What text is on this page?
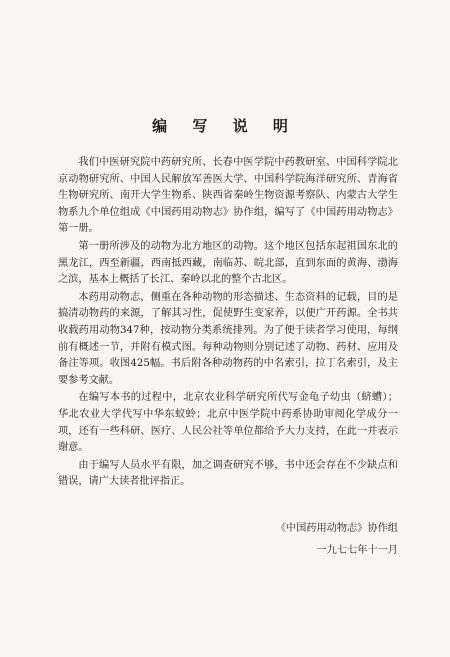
编 写 说 明

我们中医研究院中药研究所、长春中医学院中药教研室、中国科学院北京动物研究所、中国人民解放军善医大学、中国科学院海洋研究所、青海省生物研究所、南开大学生物系、陕西省秦岭生物资源考察队、内蒙古大学生物系九个单位组成《中国药用动物志》协作组，编写了《中国药用动物志》第一册。

第一册所涉及的动物为北方地区的动物。这个地区包括东起祖国东北的黑龙江，西至新疆，西南抵西藏，南临苏、皖北部，直到东面的黄海、渤海之滨，基本上概括了长江、秦岭以北的整个古北区。

本药用动物志，侧重在各种动物的形态描述、生态资料的记载，目的是搞清动物药的来源，了解其习性，促使野生变家养，以便广开药源。全书共收载药用动物347种，按动物分类系统排列。为了便于读者学习使用，每纲前有概述一节，并附有模式图。每种动物则分别记述了动物、药材、应用及备注等项。收图425幅。书后附各种动物药的中名索引，拉丁名索引，及主要参考文献。

在编写本书的过程中，北京农业科学研究所代写金龟子幼虫（蛴螬）；华北农业大学代写中华东蚁蛉；北京中医学院中药系协助审阅化学成分一项，还有一些科研、医疗、人民公社等单位都给予大力支持，在此一并表示谢意。

由于编写人员水平有限，加之调查研究不够，书中还会存在不少缺点和错误，请广大读者批评指正。

《中国药用动物志》协作组
一九七七年十一月
